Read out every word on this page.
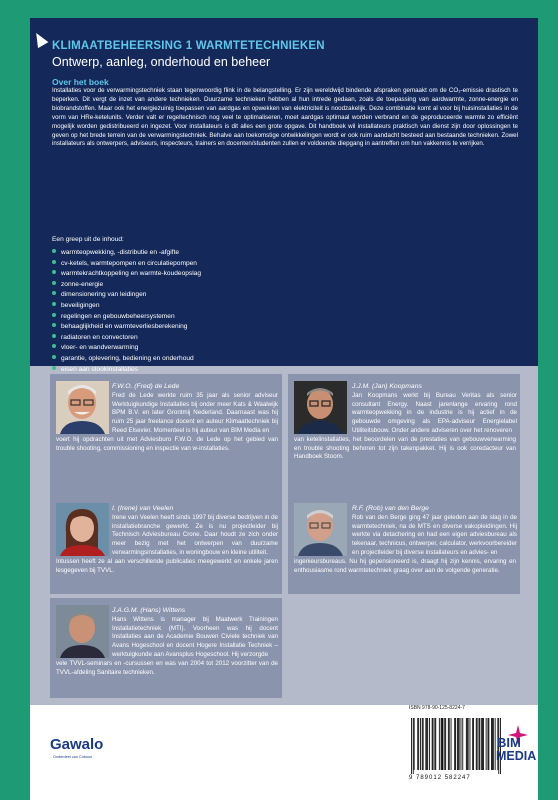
KLIMAATBEHEERSING 1 WARMTETECHNIEKEN
Ontwerp, aanleg, onderhoud en beheer
Over het boek
Installaties voor de verwarmingstechniek staan tegenwoordig flink in de belangstelling. Er zijn wereldwijd bindende afspraken gemaakt om de CO₂-emissie drastisch te beperken. Dit vergt de inzet van andere technieken. Duurzame technieken hebben al hun intrede gedaan, zoals de toepassing van aardwarmte, zonne-energie en biobrandstoffen. Maar ook het energiezuinig toepassen van aardgas en opwekken van elektriciteit is noodzakelijk. Deze combinatie komt al voor bij huisinstallaties in de vorm van HRe-ketelunits. Verder valt er regeltechnisch nog veel te optimaliseren, moet aardgas optimaal worden verbrand en de geproduceerde warmte zo efficiënt mogelijk worden gedistribueerd en ingezet. Voor installateurs is dit alles een grote opgave. Dit handboek wil installateurs praktisch van dienst zijn door oplossingen te geven op het brede terrein van de verwarmingstechniek. Behalve aan toekomstige ontwikkelingen wordt er ook ruim aandacht besteed aan bestaande technieken. Zowel installateurs als ontwerpers, adviseurs, inspecteurs, trainers en docenten/studenten zullen er voldoende diepgang in aantreffen om hun vakkennis te verrijken.
Een greep uit de inhoud:
warmteopwekking, -distributie en -afgifte
cv-ketels, warmtepompen en circulatiepompen
warmtekrachtkoppeling en warmte-koudeopslag
zonne-energie
dimensionering van leidingen
beveiligingen
regelingen en gebouwbeheersystemen
behaaglijkheid en warmteverliesberekening
radiatoren en convectoren
vloer- en wandverwarming
garantie, oplevering, bediening en onderhoud
eisen aan stookinstallaties
F.W.O. (Fred) de Lede	J.J.M. (Jan) Koopmans
I. (Irene) van Veelen	R.F. (Rob) van den Berge
J.A.G.M. (Hans) Wittens
ISBN 978-90-125-8224-7
9 789012 582247
Gawalo
Onderdeel van Coboon
BIM
MEDIA
Fred de Lede werkte ruim 35 jaar als senior adviseur Werktuigkundige Installaties bij onder meer Kats & Waalwijk BPM B.V. en later Grontmij Nederland. Daarnaast was hij ruim 25 jaar freelance docent en auteur Klimaattechniek bij Reed Elsevier. Momenteel is hij auteur van BIM Media en
voert hij opdrachten uit met Adviesburo F.W.O. de Lede op het gebied van trouble shooting, commissioning en inspectie van w-installaties.
Jan Koopmans werkt bij Bureau Veritas als senior consultant Energy. Naast jarenlange ervaring rond warmteopwekking in de industrie is hij actief in de gebouwde omgeving als EPA-adviseur Energielabel Utiliteitsbouw. Onder andere adviseren over het renoveren
van ketelinstallaties, het beoordelen van de prestaties van gebouwverwarming en trouble shooting behoren tot zijn takenpakket. Hij is ook coredacteur van Handboek Stoom.
Irene van Veelen heeft sinds 1997 bij diverse bedrijven in de installatiebranche gewerkt. Ze is nu projectleider bij Technisch Adviesbureau Crone. Daar houdt ze zich onder meer bezig met het ontwerpen van duurzame verwarmingsinstallaties, in woningbouw en kleine utiliteit.
Intussen heeft ze al aan verschillende publicaties meegewerkt en enkele jaren lesgegeven bij TVVL.
Rob van den Berge ging 47 jaar geleden aan de slag in de warmtetechniek, na de MTS en diverse vakopleidingen. Hij werkte via detachering en had een eigen adviesbureau als tekenaar, technicus, ontwerper, calculator, werkvoorbereider en projectleider bij diverse installateurs en advies- en
ingenieursbureaus. Nu hij gepensioneerd is, draagt hij zijn kennis, ervaring en enthousiasme rond warmtetechniek graag over aan de volgende generatie.
Hans Wittens is manager bij Maatwerk Trainingen Installatietechniek (MTI). Voorheen was hij docent Installaties aan de Academie Bouwen Civiele techniek van Avans Hogeschool en docent Hogere Installatie Techniek – werktuigkunde aan Avansplus Hogeschool. Hij verzorgde
vele TVVL-seminars en -cursussen en was van 2004 tot 2012 voorzitter van de TVVL-afdeling Sanitaire technieken.
